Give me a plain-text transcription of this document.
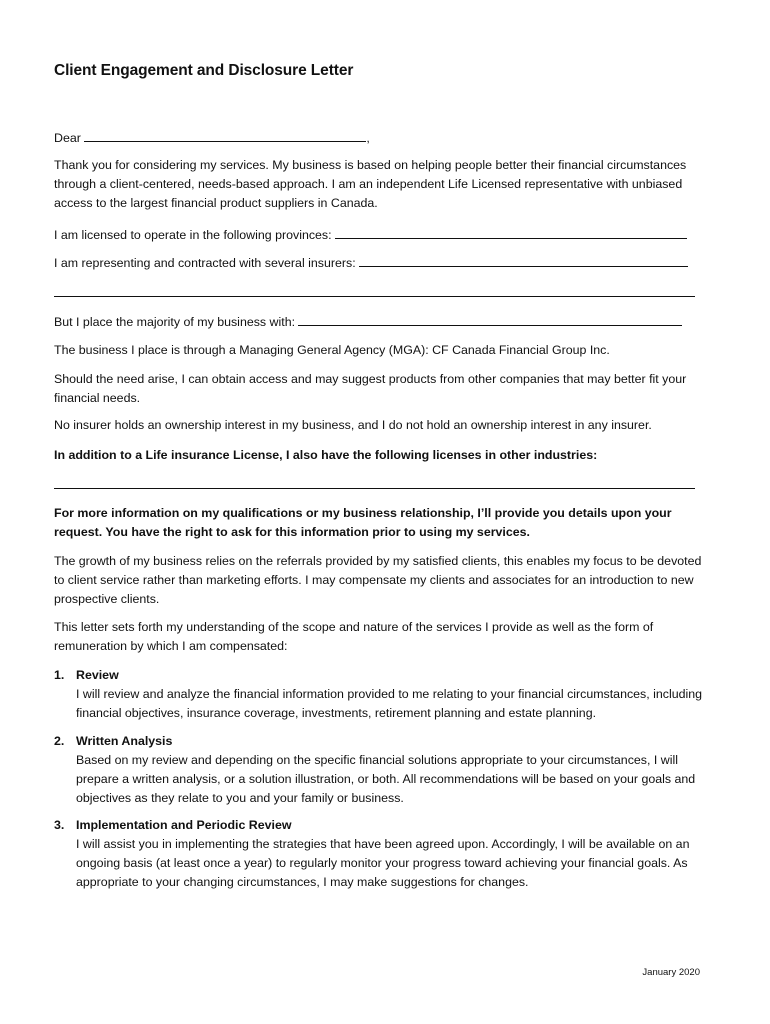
Client Engagement and Disclosure Letter
Dear	,
Thank you for considering my services. My business is based on helping people better their financial circumstances through a client-centered, needs-based approach. I am an independent Life Licensed representative with unbiased access to the largest financial product suppliers in Canada.
I am licensed to operate in the following provinces:
I am representing and contracted with several insurers:
But I place the majority of my business with:
The business I place is through a Managing General Agency (MGA): CF Canada Financial Group Inc.
Should the need arise, I can obtain access and may suggest products from other companies that may better fit your financial needs.
No insurer holds an ownership interest in my business, and I do not hold an ownership interest in any insurer.
In addition to a Life insurance License, I also have the following licenses in other industries:
For more information on my qualifications or my business relationship, I’ll provide you details upon your request. You have the right to ask for this information prior to using my services.
The growth of my business relies on the referrals provided by my satisfied clients, this enables my focus to be devoted to client service rather than marketing efforts. I may compensate my clients and associates for an introduction to new prospective clients.
This letter sets forth my understanding of the scope and nature of the services I provide as well as the form of remuneration by which I am compensated:
1. Review
I will review and analyze the financial information provided to me relating to your financial circumstances, including financial objectives, insurance coverage, investments, retirement planning and estate planning.
2. Written Analysis
Based on my review and depending on the specific financial solutions appropriate to your circumstances, I will prepare a written analysis, or a solution illustration, or both. All recommendations will be based on your goals and objectives as they relate to you and your family or business.
3. Implementation and Periodic Review
I will assist you in implementing the strategies that have been agreed upon. Accordingly, I will be available on an ongoing basis (at least once a year) to regularly monitor your progress toward achieving your financial goals. As appropriate to your changing circumstances, I may make suggestions for changes.
January 2020
